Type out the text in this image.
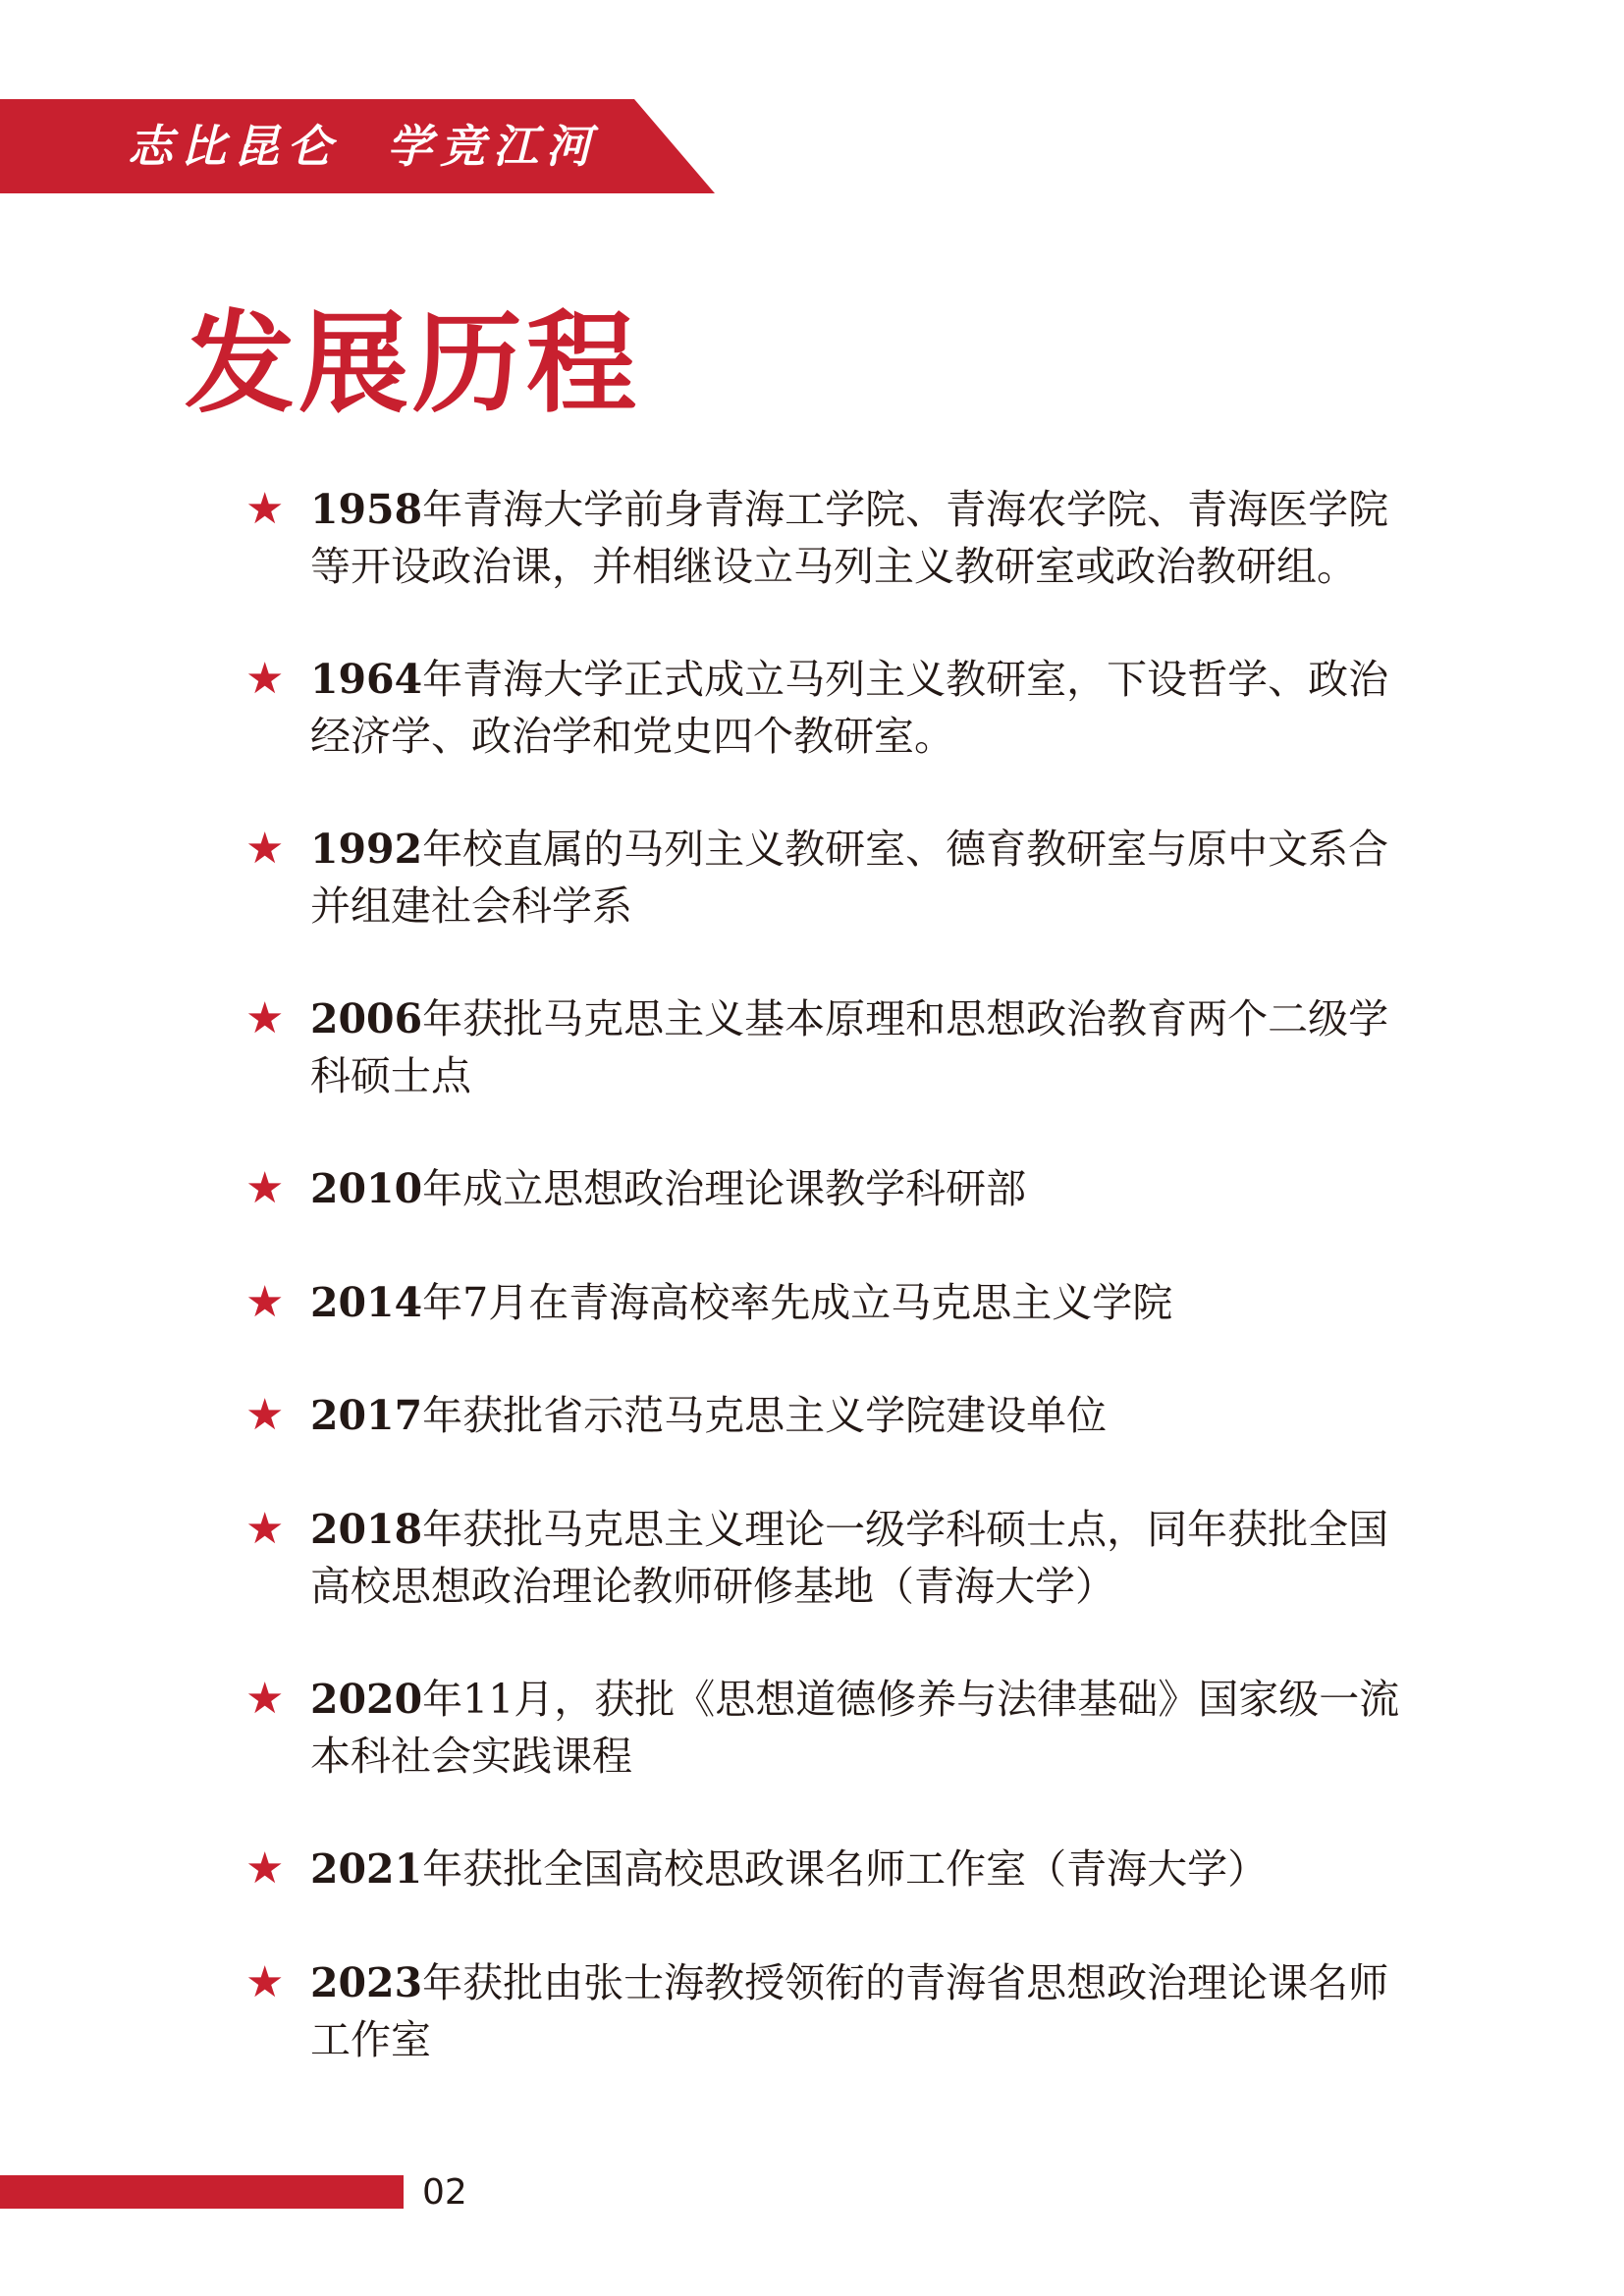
志比昆仑  学竞江河
发展历程
★ 1958年青海大学前身青海工学院、青海农学院、青海医学院等开设政治课，并相继设立马列主义教研室或政治教研组。
★ 1964年青海大学正式成立马列主义教研室，下设哲学、政治经济学、政治学和党史四个教研室。
★ 1992年校直属的马列主义教研室、德育教研室与原中文系合并组建社会科学系
★ 2006年获批马克思主义基本原理和思想政治教育两个二级学科硕士点
★ 2010年成立思想政治理论课教学科研部
★ 2014年7月在青海高校率先成立马克思主义学院
★ 2017年获批省示范马克思主义学院建设单位
★ 2018年获批马克思主义理论一级学科硕士点，同年获批全国高校思想政治理论教师研修基地（青海大学）
★ 2020年11月，获批《思想道德修养与法律基础》国家级一流本科社会实践课程
★ 2021年获批全国高校思政课名师工作室（青海大学）
★ 2023年获批由张士海教授领衔的青海省思想政治理论课名师工作室
02
